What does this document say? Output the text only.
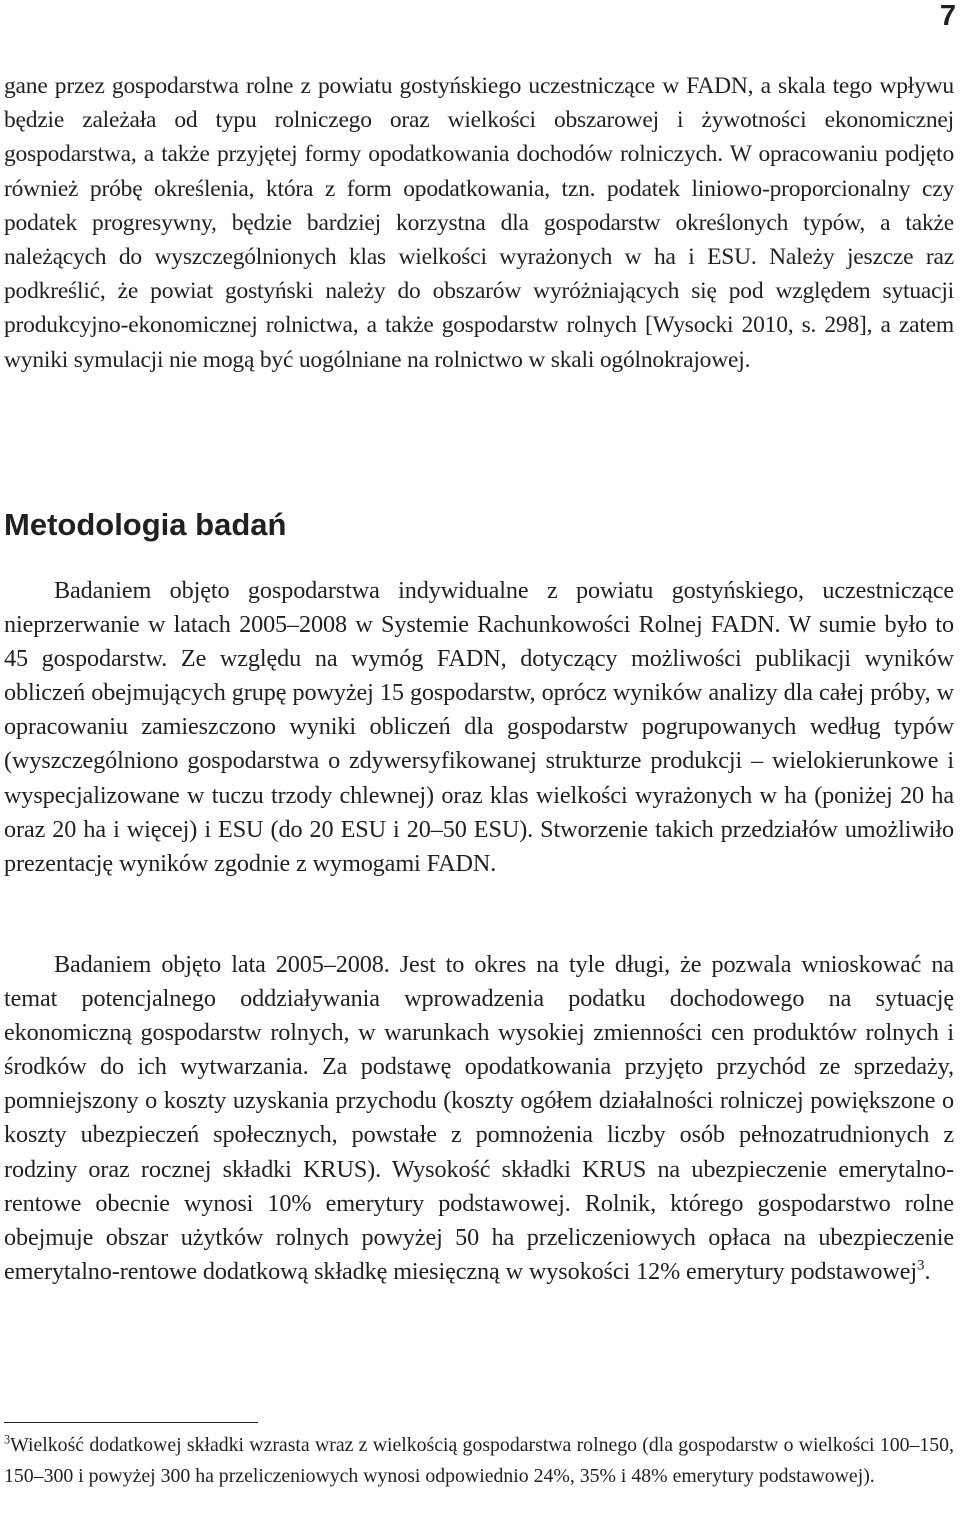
7

gane przez gospodarstwa rolne z powiatu gostyńskiego uczestniczące w FADN, a skala tego wpływu będzie zależała od typu rolniczego oraz wielkości obszarowej i żywotności ekonomicznej gospodarstwa, a także przyjętej formy opodatkowania dochodów rolniczych. W opracowaniu podjęto również próbę określenia, która z form opodatkowania, tzn. podatek liniowo-proporcionalny czy podatek progresywny, będzie bardziej korzystna dla gospodarstw określonych typów, a także należących do wyszczególnionych klas wielkości wyrażonych w ha i ESU. Należy jeszcze raz podkreślić, że powiat gostyński należy do obszarów wyróżniających się pod względem sytuacji produkcyjno-ekonomicznej rolnictwa, a także gospodarstw rolnych [Wysocki 2010, s. 298], a zatem wyniki symulacji nie mogą być uogólniane na rolnictwo w skali ogólnokrajowej.

Metodologia badań

Badaniem objęto gospodarstwa indywidualne z powiatu gostyńskiego, uczestniczące nieprzerwanie w latach 2005–2008 w Systemie Rachunkowości Rolnej FADN. W sumie było to 45 gospodarstw. Ze względu na wymóg FADN, dotyczący możliwości publikacji wyników obliczeń obejmujących grupę powyżej 15 gospodarstw, oprócz wyników analizy dla całej próby, w opracowaniu zamieszczono wyniki obliczeń dla gospodarstw pogrupowanych według typów (wyszczególniono gospodarstwa o zdywersyfikowanej strukturze produkcji – wielokierunkowe i wyspecjalizowane w tuczu trzody chlewnej) oraz klas wielkości wyrażonych w ha (poniżej 20 ha oraz 20 ha i więcej) i ESU (do 20 ESU i 20–50 ESU). Stworzenie takich przedziałów umożliwiło prezentację wyników zgodnie z wymogami FADN.

Badaniem objęto lata 2005–2008. Jest to okres na tyle długi, że pozwala wnioskować na temat potencjalnego oddziaływania wprowadzenia podatku dochodowego na sytuację ekonomiczną gospodarstw rolnych, w warunkach wysokiej zmienności cen produktów rolnych i środków do ich wytwarzania. Za podstawę opodatkowania przyjęto przychód ze sprzedaży, pomniejszony o koszty uzyskania przychodu (koszty ogółem działalności rolniczej powiększone o koszty ubezpieczeń społecznych, powstałe z pomnożenia liczby osób pełnozatrudnionych z rodziny oraz rocznej składki KRUS). Wysokość składki KRUS na ubezpieczenie emerytalno-rentowe obecnie wynosi 10% emerytury podstawowej. Rolnik, którego gospodarstwo rolne obejmuje obszar użytków rolnych powyżej 50 ha przeliczeniowych opłaca na ubezpieczenie emerytalno-rentowe dodatkową składkę miesięczną w wysokości 12% emerytury podstawowej$^3$.

$^3$Wielkość dodatkowej składki wzrasta wraz z wielkością gospodarstwa rolnego (dla gospodarstw o wielkości 100–150, 150–300 i powyżej 300 ha przeliczeniowych wynosi odpowiednio 24%, 35% i 48% emerytury podstawowej).
